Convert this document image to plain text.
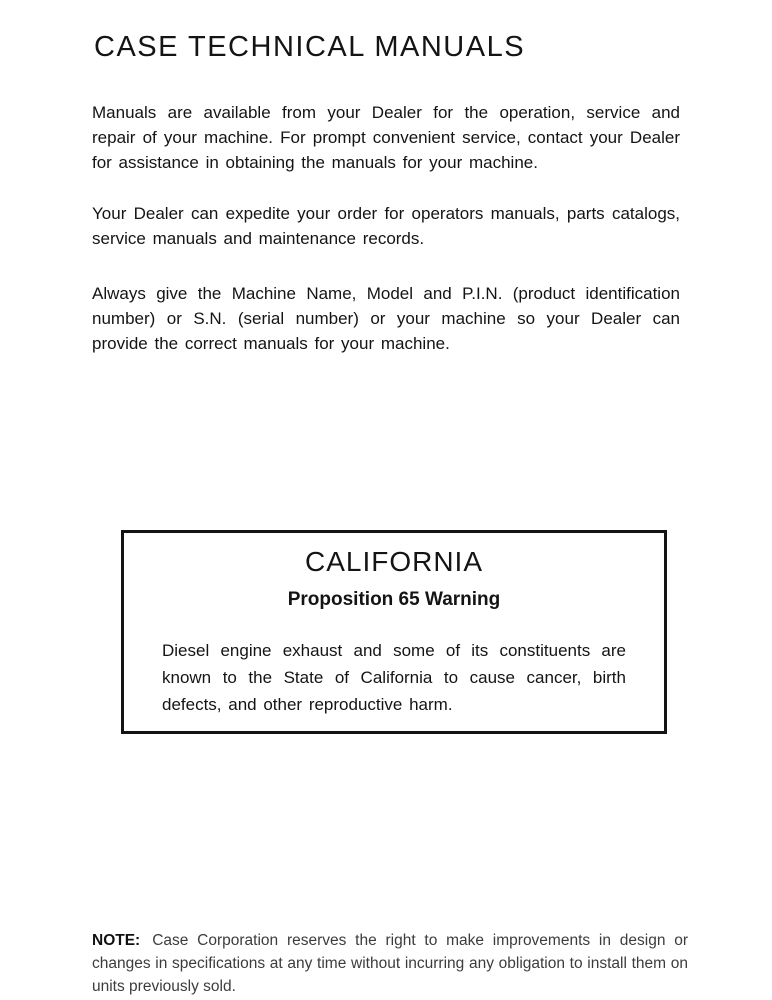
CASE TECHNICAL MANUALS

Manuals are available from your Dealer for the operation, service and repair of your machine. For prompt convenient service, contact your Dealer for assistance in obtaining the manuals for your machine.

Your Dealer can expedite your order for operators manuals, parts catalogs, service manuals and maintenance records.

Always give the Machine Name, Model and P.I.N. (product identification number) or S.N. (serial number) or your machine so your Dealer can provide the correct manuals for your machine.

CALIFORNIA
Proposition 65 Warning

Diesel engine exhaust and some of its constituents are known to the State of California to cause cancer, birth defects, and other reproductive harm.

NOTE: Case Corporation reserves the right to make improvements in design or changes in specifications at any time without incurring any obligation to install them on units previously sold.
